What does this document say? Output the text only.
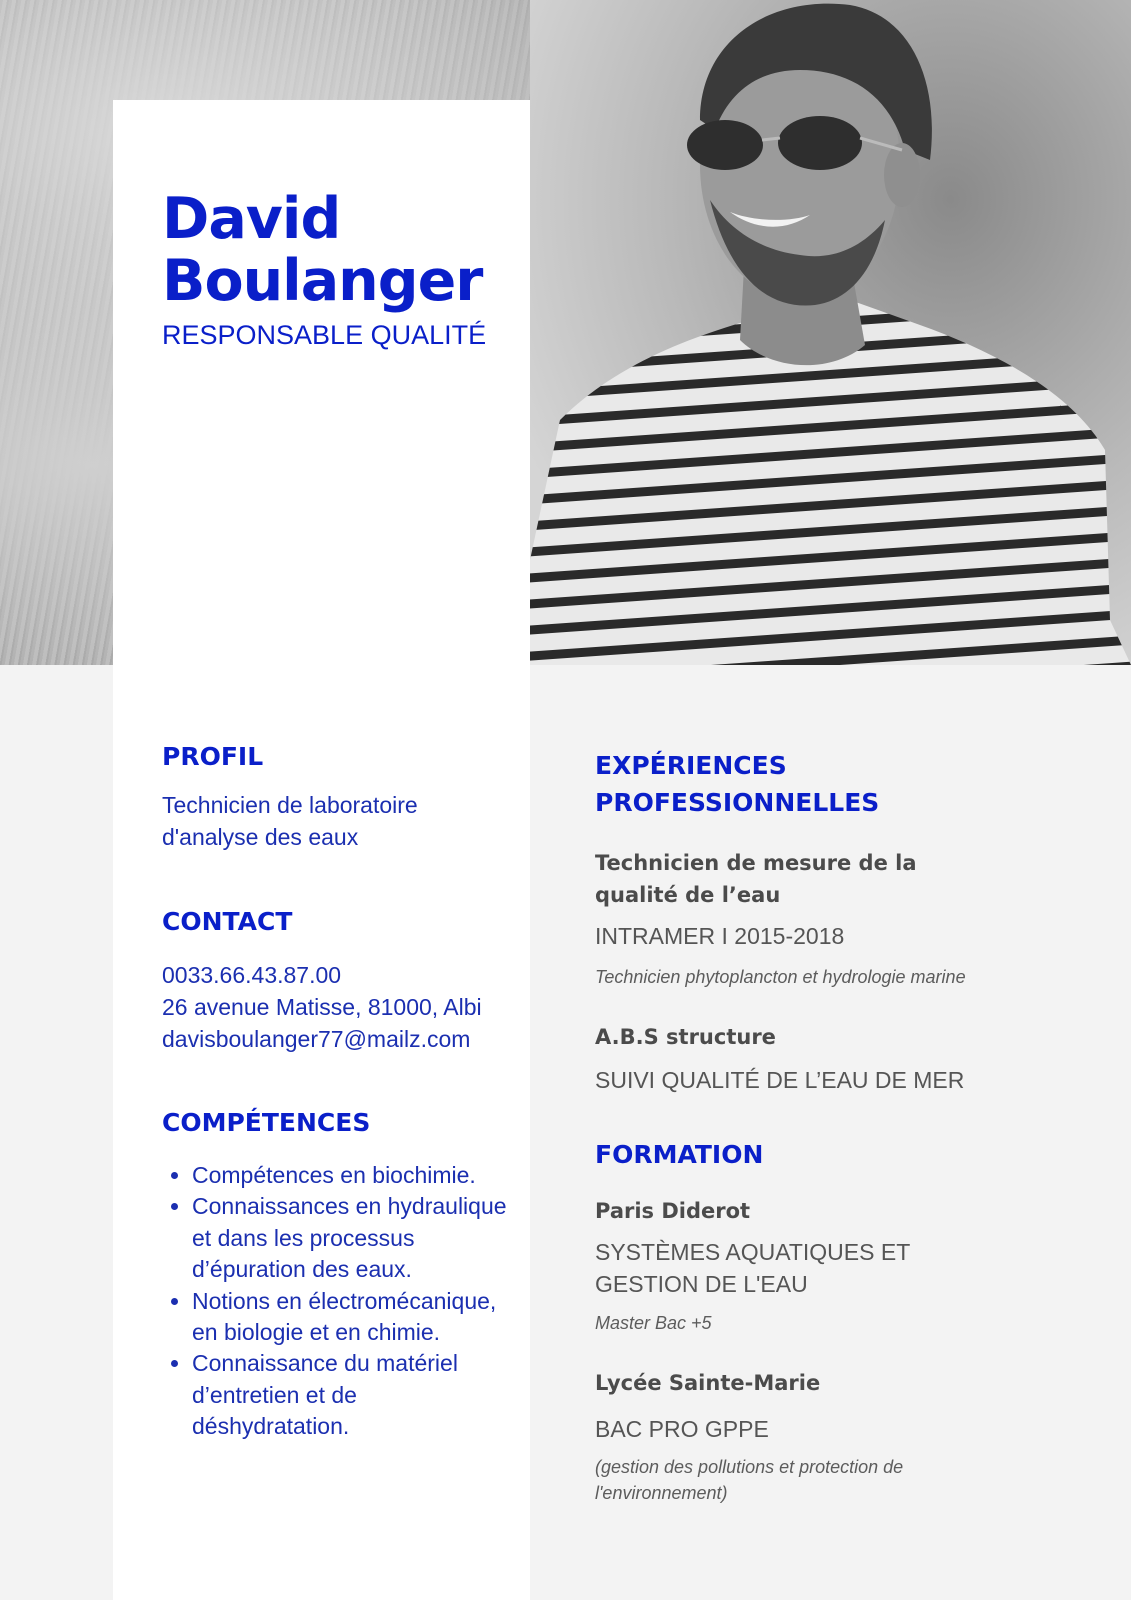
David
Boulanger
RESPONSABLE QUALITÉ
PROFIL
Technicien de laboratoire
d'analyse des eaux
CONTACT
0033.66.43.87.00
26 avenue Matisse, 81000, Albi
davisboulanger77@mailz.com
COMPÉTENCES
• Compétences en biochimie.
• Connaissances en hydraulique et dans les processus d’épuration des eaux.
• Notions en électromécanique, en biologie et en chimie.
• Connaissance du matériel d’entretien et de déshydratation.
EXPÉRIENCES
PROFESSIONNELLES
Technicien de mesure de la qualité de l’eau
INTRAMER I 2015-2018
Technicien phytoplancton et hydrologie marine
A.B.S structure
SUIVI QUALITÉ DE L’EAU DE MER
FORMATION
Paris Diderot
SYSTÈMES AQUATIQUES ET GESTION DE L'EAU
Master Bac +5
Lycée Sainte-Marie
BAC PRO GPPE
(gestion des pollutions et protection de l'environnement)
